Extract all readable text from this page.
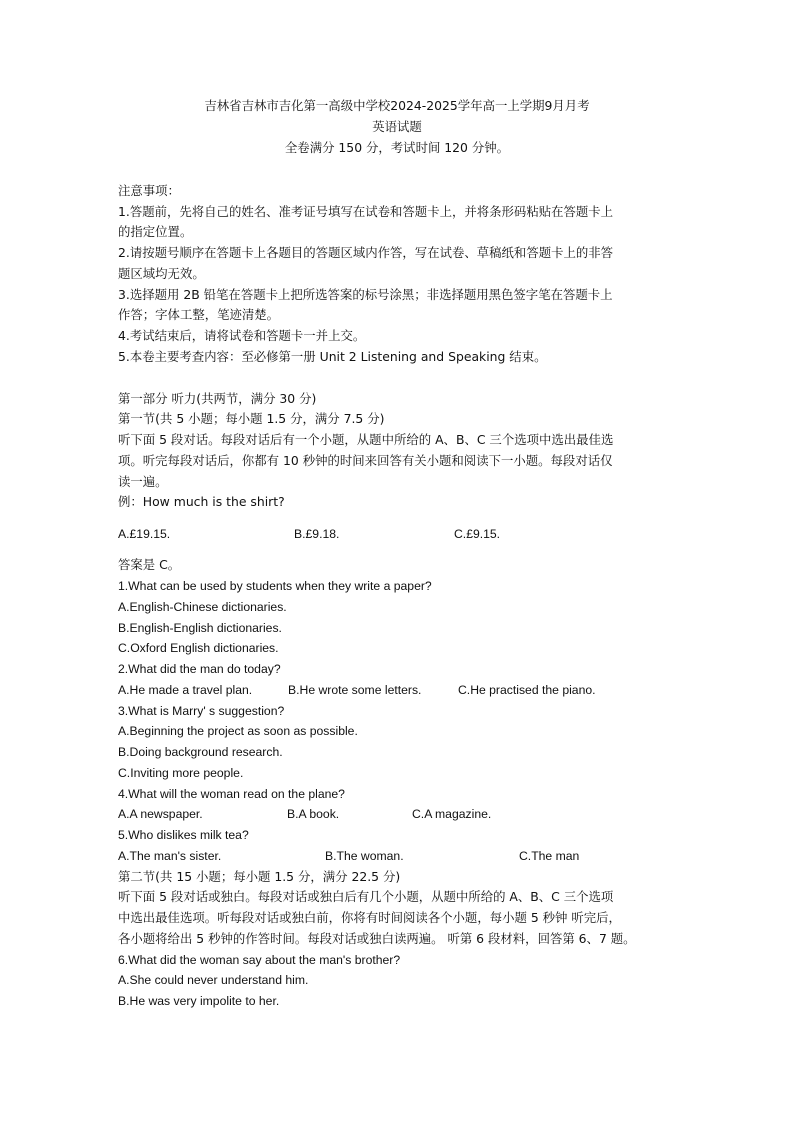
吉林省吉林市吉化第一高级中学校2024-2025学年高一上学期9月月考
英语试题
全卷满分 150 分，考试时间 120 分钟。
注意事项：
1.答题前，先将自己的姓名、准考证号填写在试卷和答题卡上，并将条形码粘贴在答题卡上
的指定位置。
2.请按题号顺序在答题卡上各题目的答题区域内作答，写在试卷、草稿纸和答题卡上的非答
题区域均无效。
3.选择题用 2B 铅笔在答题卡上把所选答案的标号涂黑；非选择题用黑色签字笔在答题卡上
作答；字体工整，笔迹清楚。
4.考试结束后，请将试卷和答题卡一并上交。
5.本卷主要考查内容：至必修第一册 Unit 2 Listening and Speaking 结束。
第一部分 听力(共两节，满分 30 分)
第一节(共 5 小题；每小题 1.5 分，满分 7.5 分)
听下面 5 段对话。每段对话后有一个小题，从题中所给的 A、B、C 三个选项中选出最佳选
项。听完每段对话后，你都有 10 秒钟的时间来回答有关小题和阅读下一小题。每段对话仅
读一遍。
例：How much is the shirt?
A.£19.15.	B.£9.18.	C.£9.15.
答案是 C。
1.What can be used by students when they write a paper?
A.English-Chinese dictionaries.
B.English-English dictionaries.
C.Oxford English dictionaries.
2.What did the man do today?
A.He made a travel plan.	B.He wrote some letters.	C.He practised the piano.
3.What is Marry' s suggestion?
A.Beginning the project as soon as possible.
B.Doing background research.
C.Inviting more people.
4.What will the woman read on the plane?
A.A newspaper.	B.A book.	C.A magazine.
5.Who dislikes milk tea?
A.The man's sister.	B.The woman.	C.The man
第二节(共 15 小题；每小题 1.5 分，满分 22.5 分)
听下面 5 段对话或独白。每段对话或独白后有几个小题，从题中所给的 A、B、C 三个选项
中选出最佳选项。听每段对话或独白前，你将有时间阅读各个小题，每小题 5 秒钟 听完后，
各小题将给出 5 秒钟的作答时间。每段对话或独白读两遍。 听第 6 段材料，回答第 6、7 题。
6.What did the woman say about the man's brother?
A.She could never understand him.
B.He was very impolite to her.
